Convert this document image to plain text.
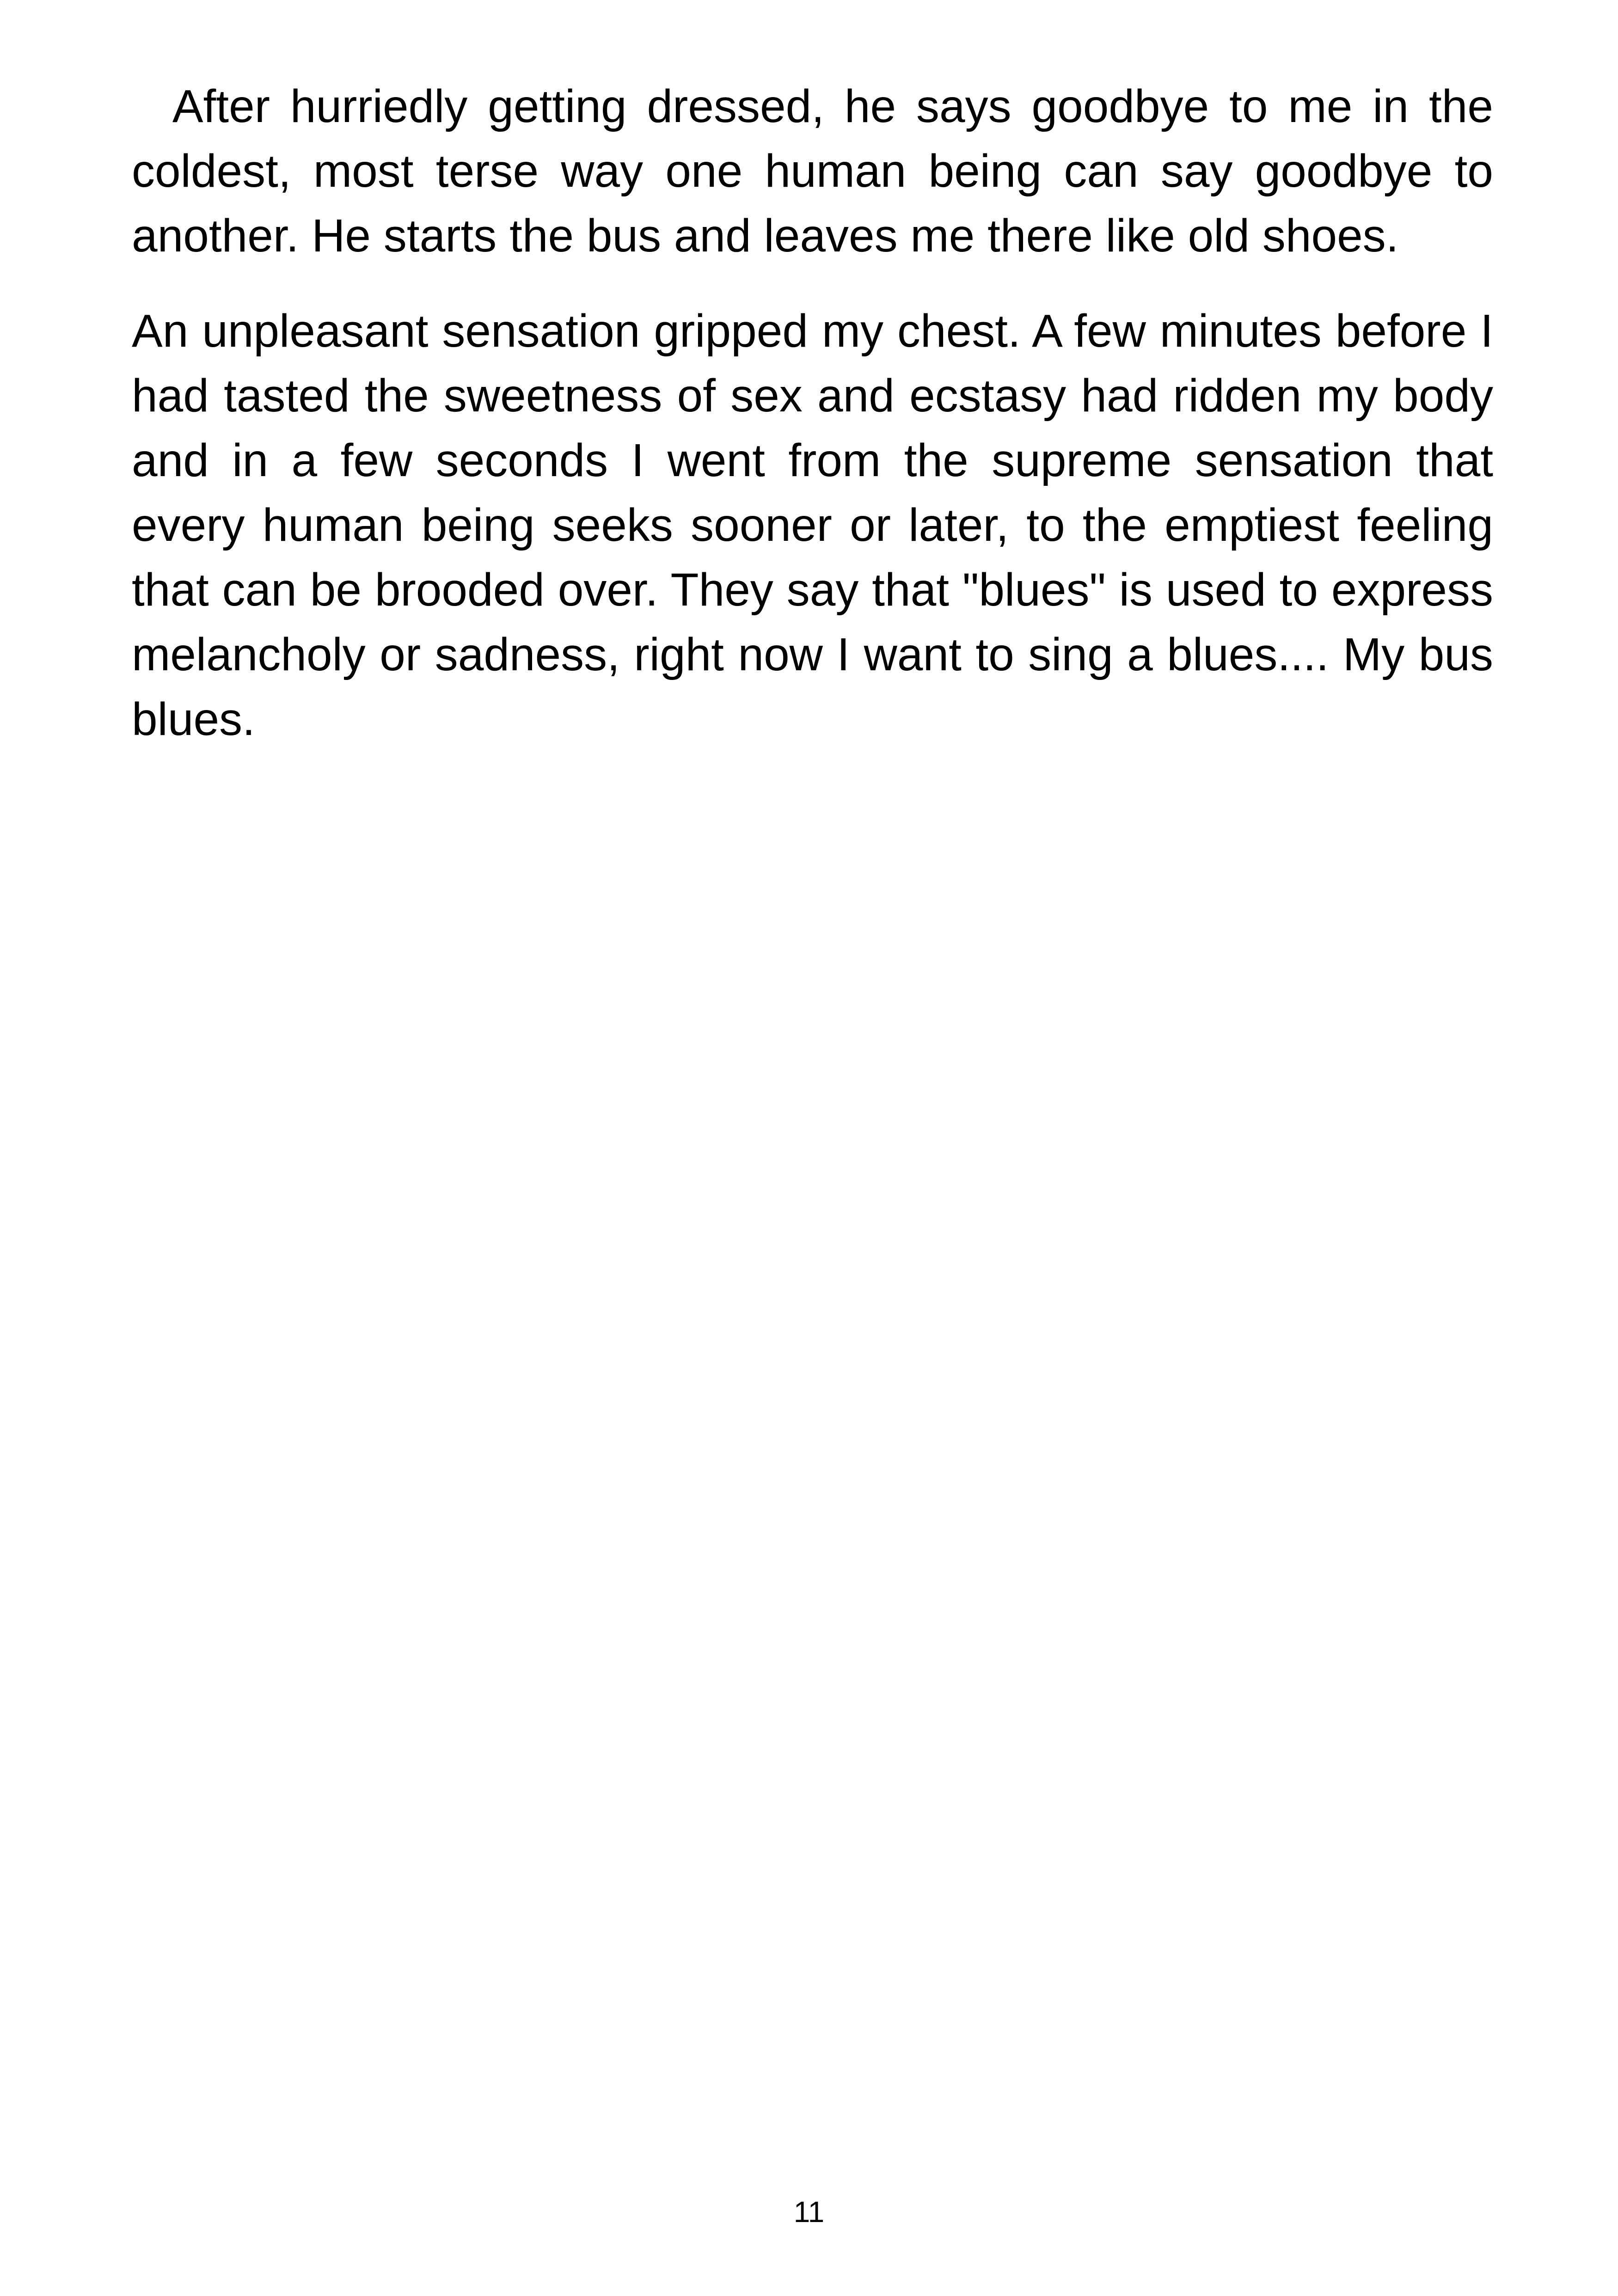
After hurriedly getting dressed, he says goodbye to me in the coldest, most terse way one human being can say goodbye to another. He starts the bus and leaves me there like old shoes.

An unpleasant sensation gripped my chest. A few minutes before I had tasted the sweetness of sex and ecstasy had ridden my body and in a few seconds I went from the supreme sensation that every human being seeks sooner or later, to the emptiest feeling that can be brooded over. They say that "blues" is used to express melancholy or sadness, right now I want to sing a blues.... My bus blues.

11
